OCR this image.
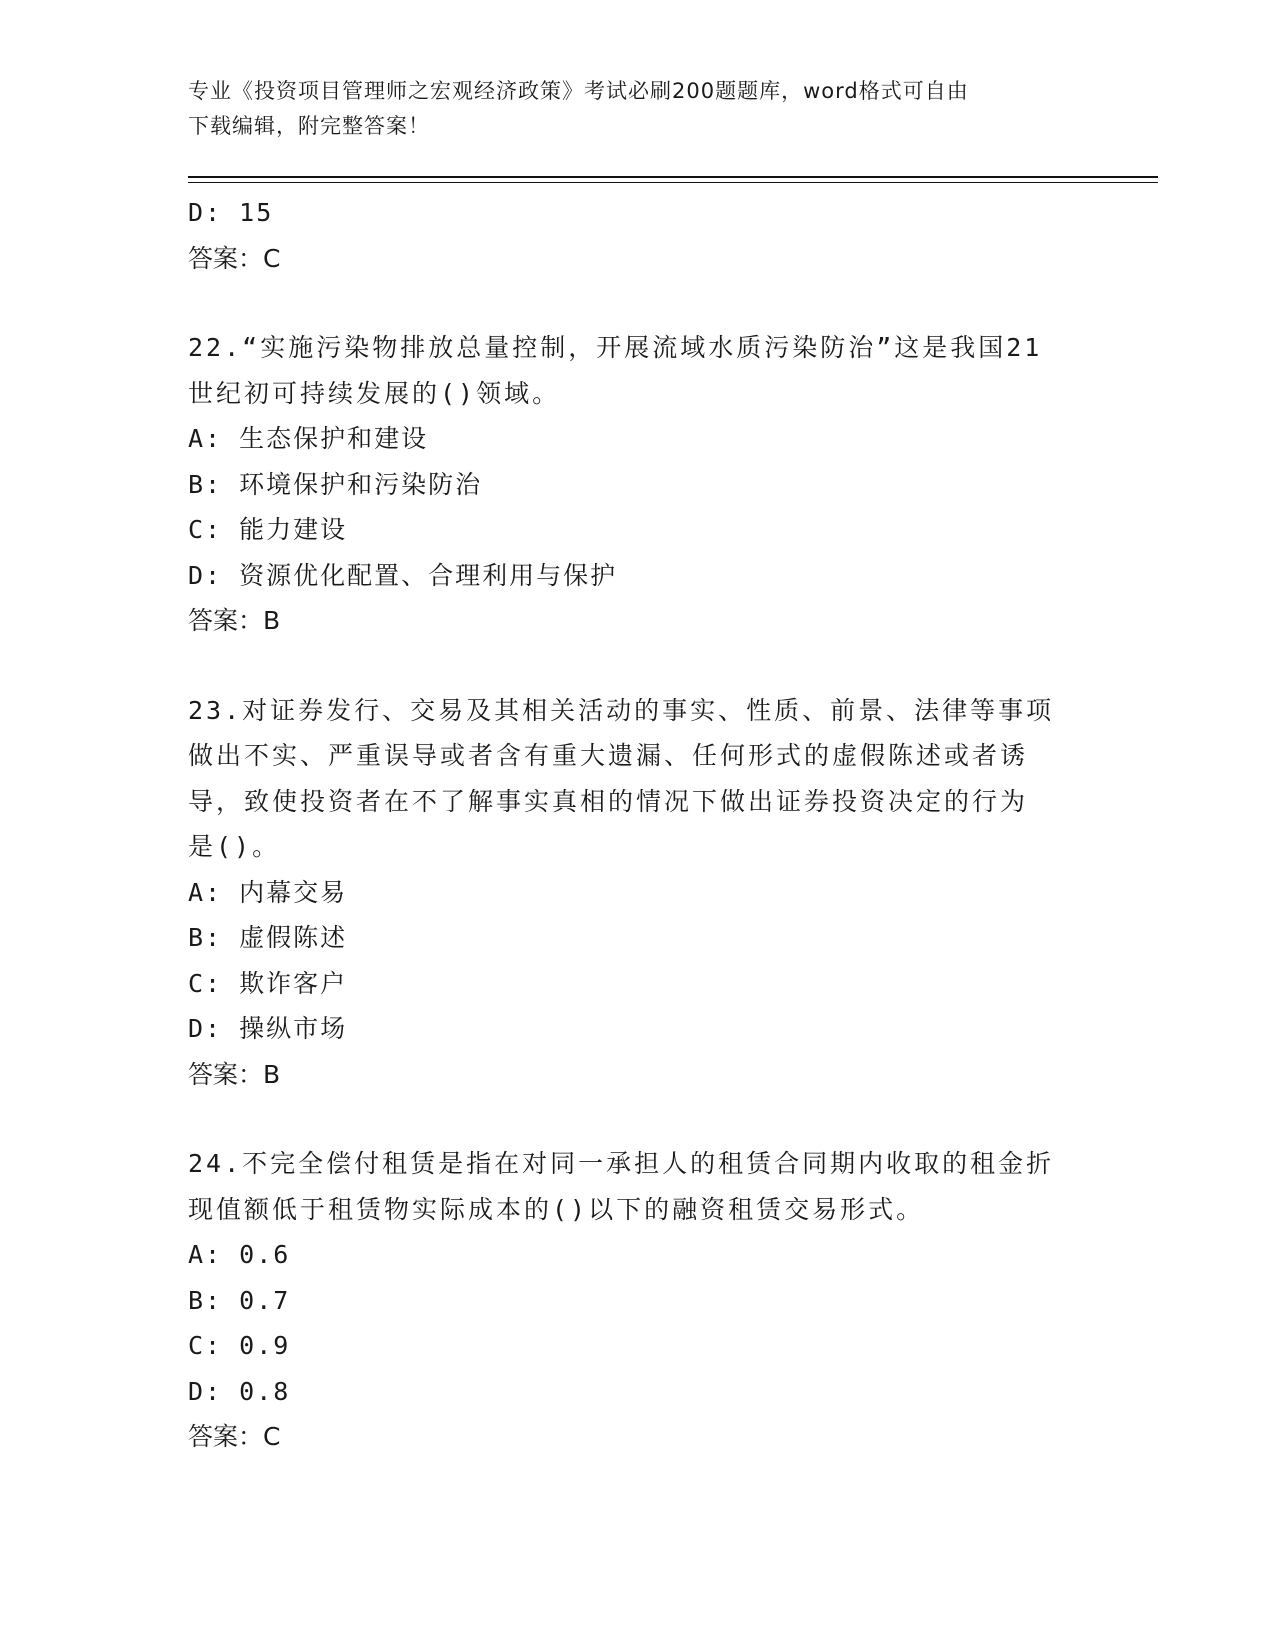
专业《投资项目管理师之宏观经济政策》考试必刷200题题库，word格式可自由
下载编辑，附完整答案！
D: 15
答案：C
22.“实施污染物排放总量控制，开展流域水质污染防治”这是我国21
世纪初可持续发展的()领域。
A: 生态保护和建设
B: 环境保护和污染防治
C: 能力建设
D: 资源优化配置、合理利用与保护
答案：B
23.对证券发行、交易及其相关活动的事实、性质、前景、法律等事项
做出不实、严重误导或者含有重大遗漏、任何形式的虚假陈述或者诱
导，致使投资者在不了解事实真相的情况下做出证券投资决定的行为
是()。
A: 内幕交易
B: 虚假陈述
C: 欺诈客户
D: 操纵市场
答案：B
24.不完全偿付租赁是指在对同一承担人的租赁合同期内收取的租金折
现值额低于租赁物实际成本的()以下的融资租赁交易形式。
A: 0.6
B: 0.7
C: 0.9
D: 0.8
答案：C
